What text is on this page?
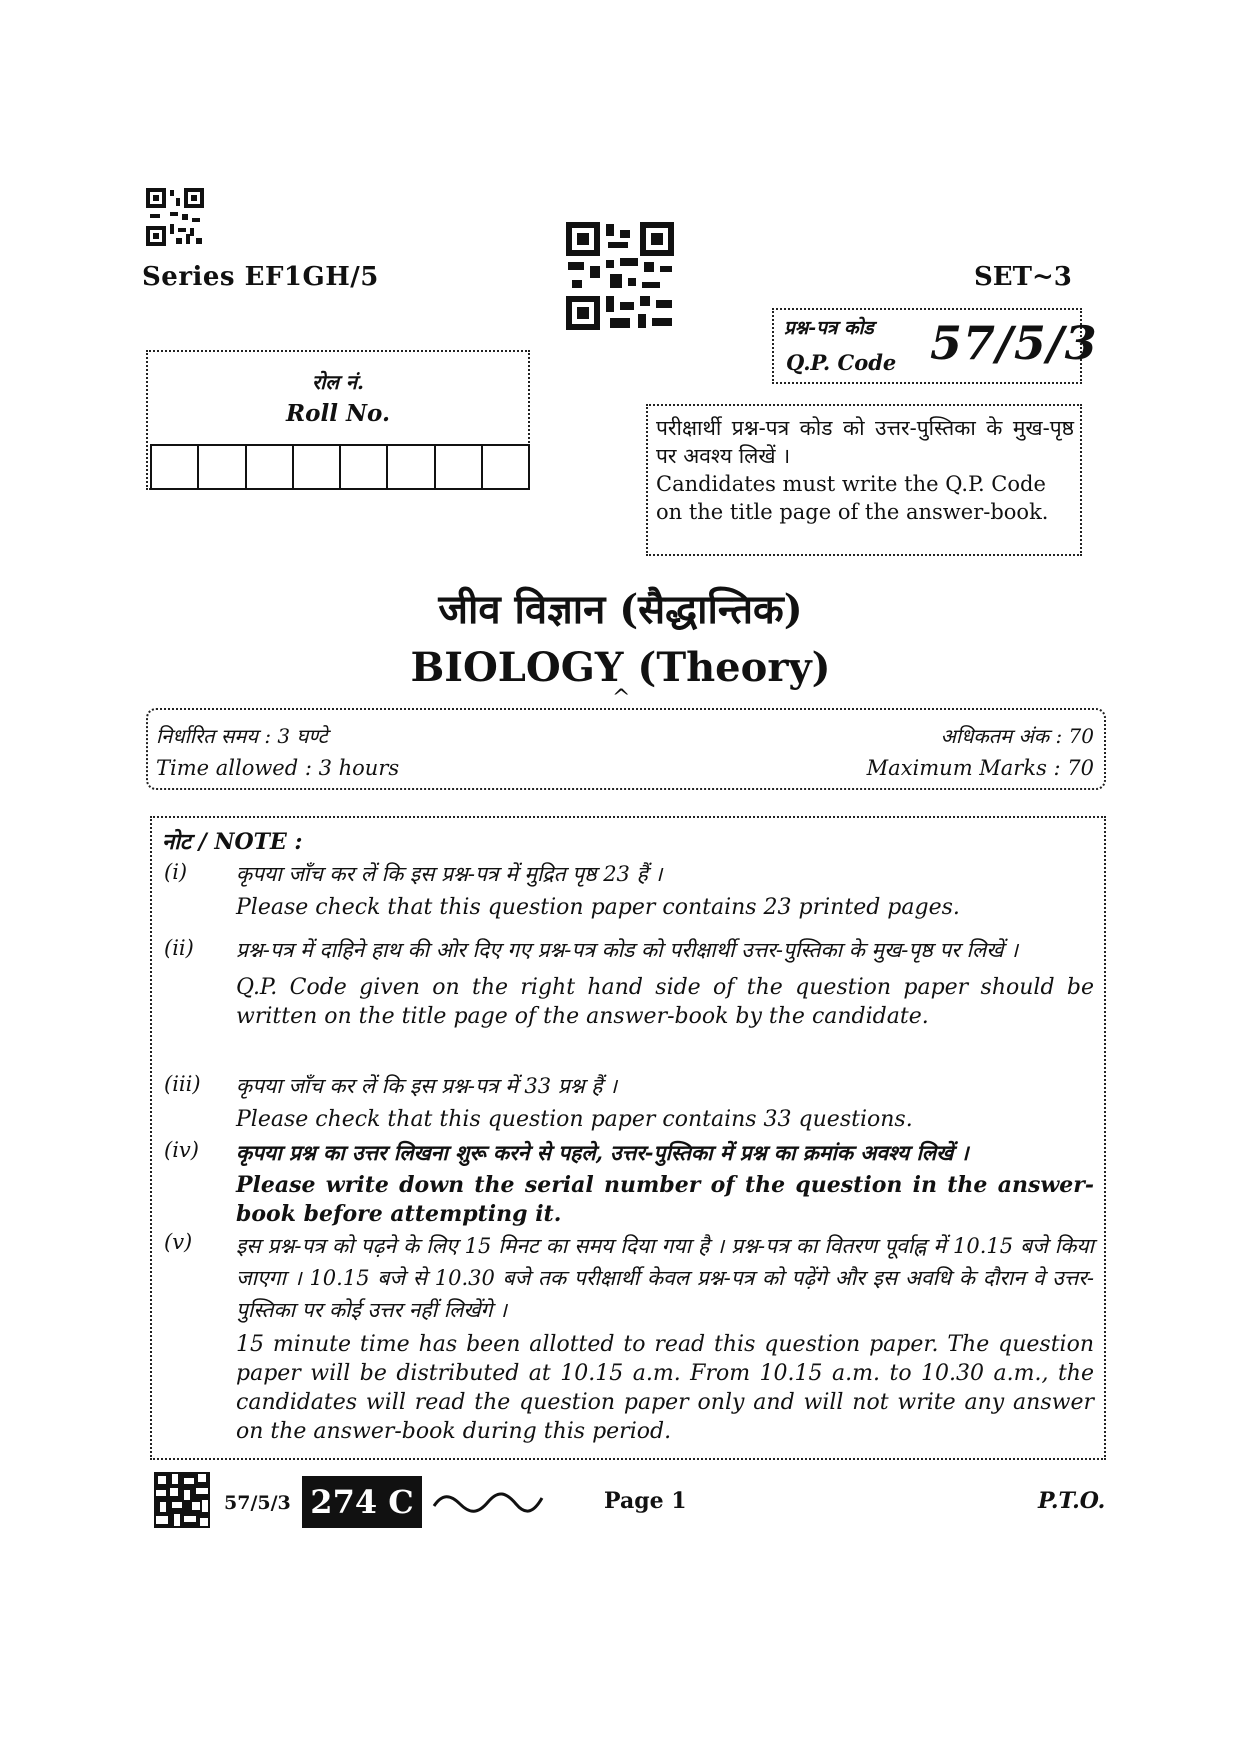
Series EF1GH/5	SET~3
प्रश्न-पत्र कोड
Q.P. Code 57/5/3
रोल नं.
Roll No.
परीक्षार्थी प्रश्न-पत्र कोड को उत्तर-पुस्तिका के मुख-पृष्ठ पर अवश्य लिखें ।
Candidates must write the Q.P. Code on the title page of the answer-book.
जीव विज्ञान (सैद्धान्तिक)
BIOLOGY (Theory)
^
निर्धारित समय : 3 घण्टे
Time allowed : 3 hours
अधिकतम अंक : 70
Maximum Marks : 70
नोट / NOTE :
(i) कृपया जाँच कर लें कि इस प्रश्न-पत्र में मुद्रित पृष्ठ 23 हैं ।
Please check that this question paper contains 23 printed pages.
(ii) प्रश्न-पत्र में दाहिने हाथ की ओर दिए गए प्रश्न-पत्र कोड को परीक्षार्थी उत्तर-पुस्तिका के मुख-पृष्ठ पर लिखें ।
Q.P. Code given on the right hand side of the question paper should be written on the title page of the answer-book by the candidate.
(iii) कृपया जाँच कर लें कि इस प्रश्न-पत्र में 33 प्रश्न हैं ।
Please check that this question paper contains 33 questions.
(iv) कृपया प्रश्न का उत्तर लिखना शुरू करने से पहले, उत्तर-पुस्तिका में प्रश्न का क्रमांक अवश्य लिखें ।
Please write down the serial number of the question in the answer-book before attempting it.
(v) इस प्रश्न-पत्र को पढ़ने के लिए 15 मिनट का समय दिया गया है । प्रश्न-पत्र का वितरण पूर्वाह्न में 10.15 बजे किया जाएगा । 10.15 बजे से 10.30 बजे तक परीक्षार्थी केवल प्रश्न-पत्र को पढ़ेंगे और इस अवधि के दौरान वे उत्तर-पुस्तिका पर कोई उत्तर नहीं लिखेंगे ।
15 minute time has been allotted to read this question paper. The question paper will be distributed at 10.15 a.m. From 10.15 a.m. to 10.30 a.m., the candidates will read the question paper only and will not write any answer on the answer-book during this period.
57/5/3 274 C	Page 1	P.T.O.
